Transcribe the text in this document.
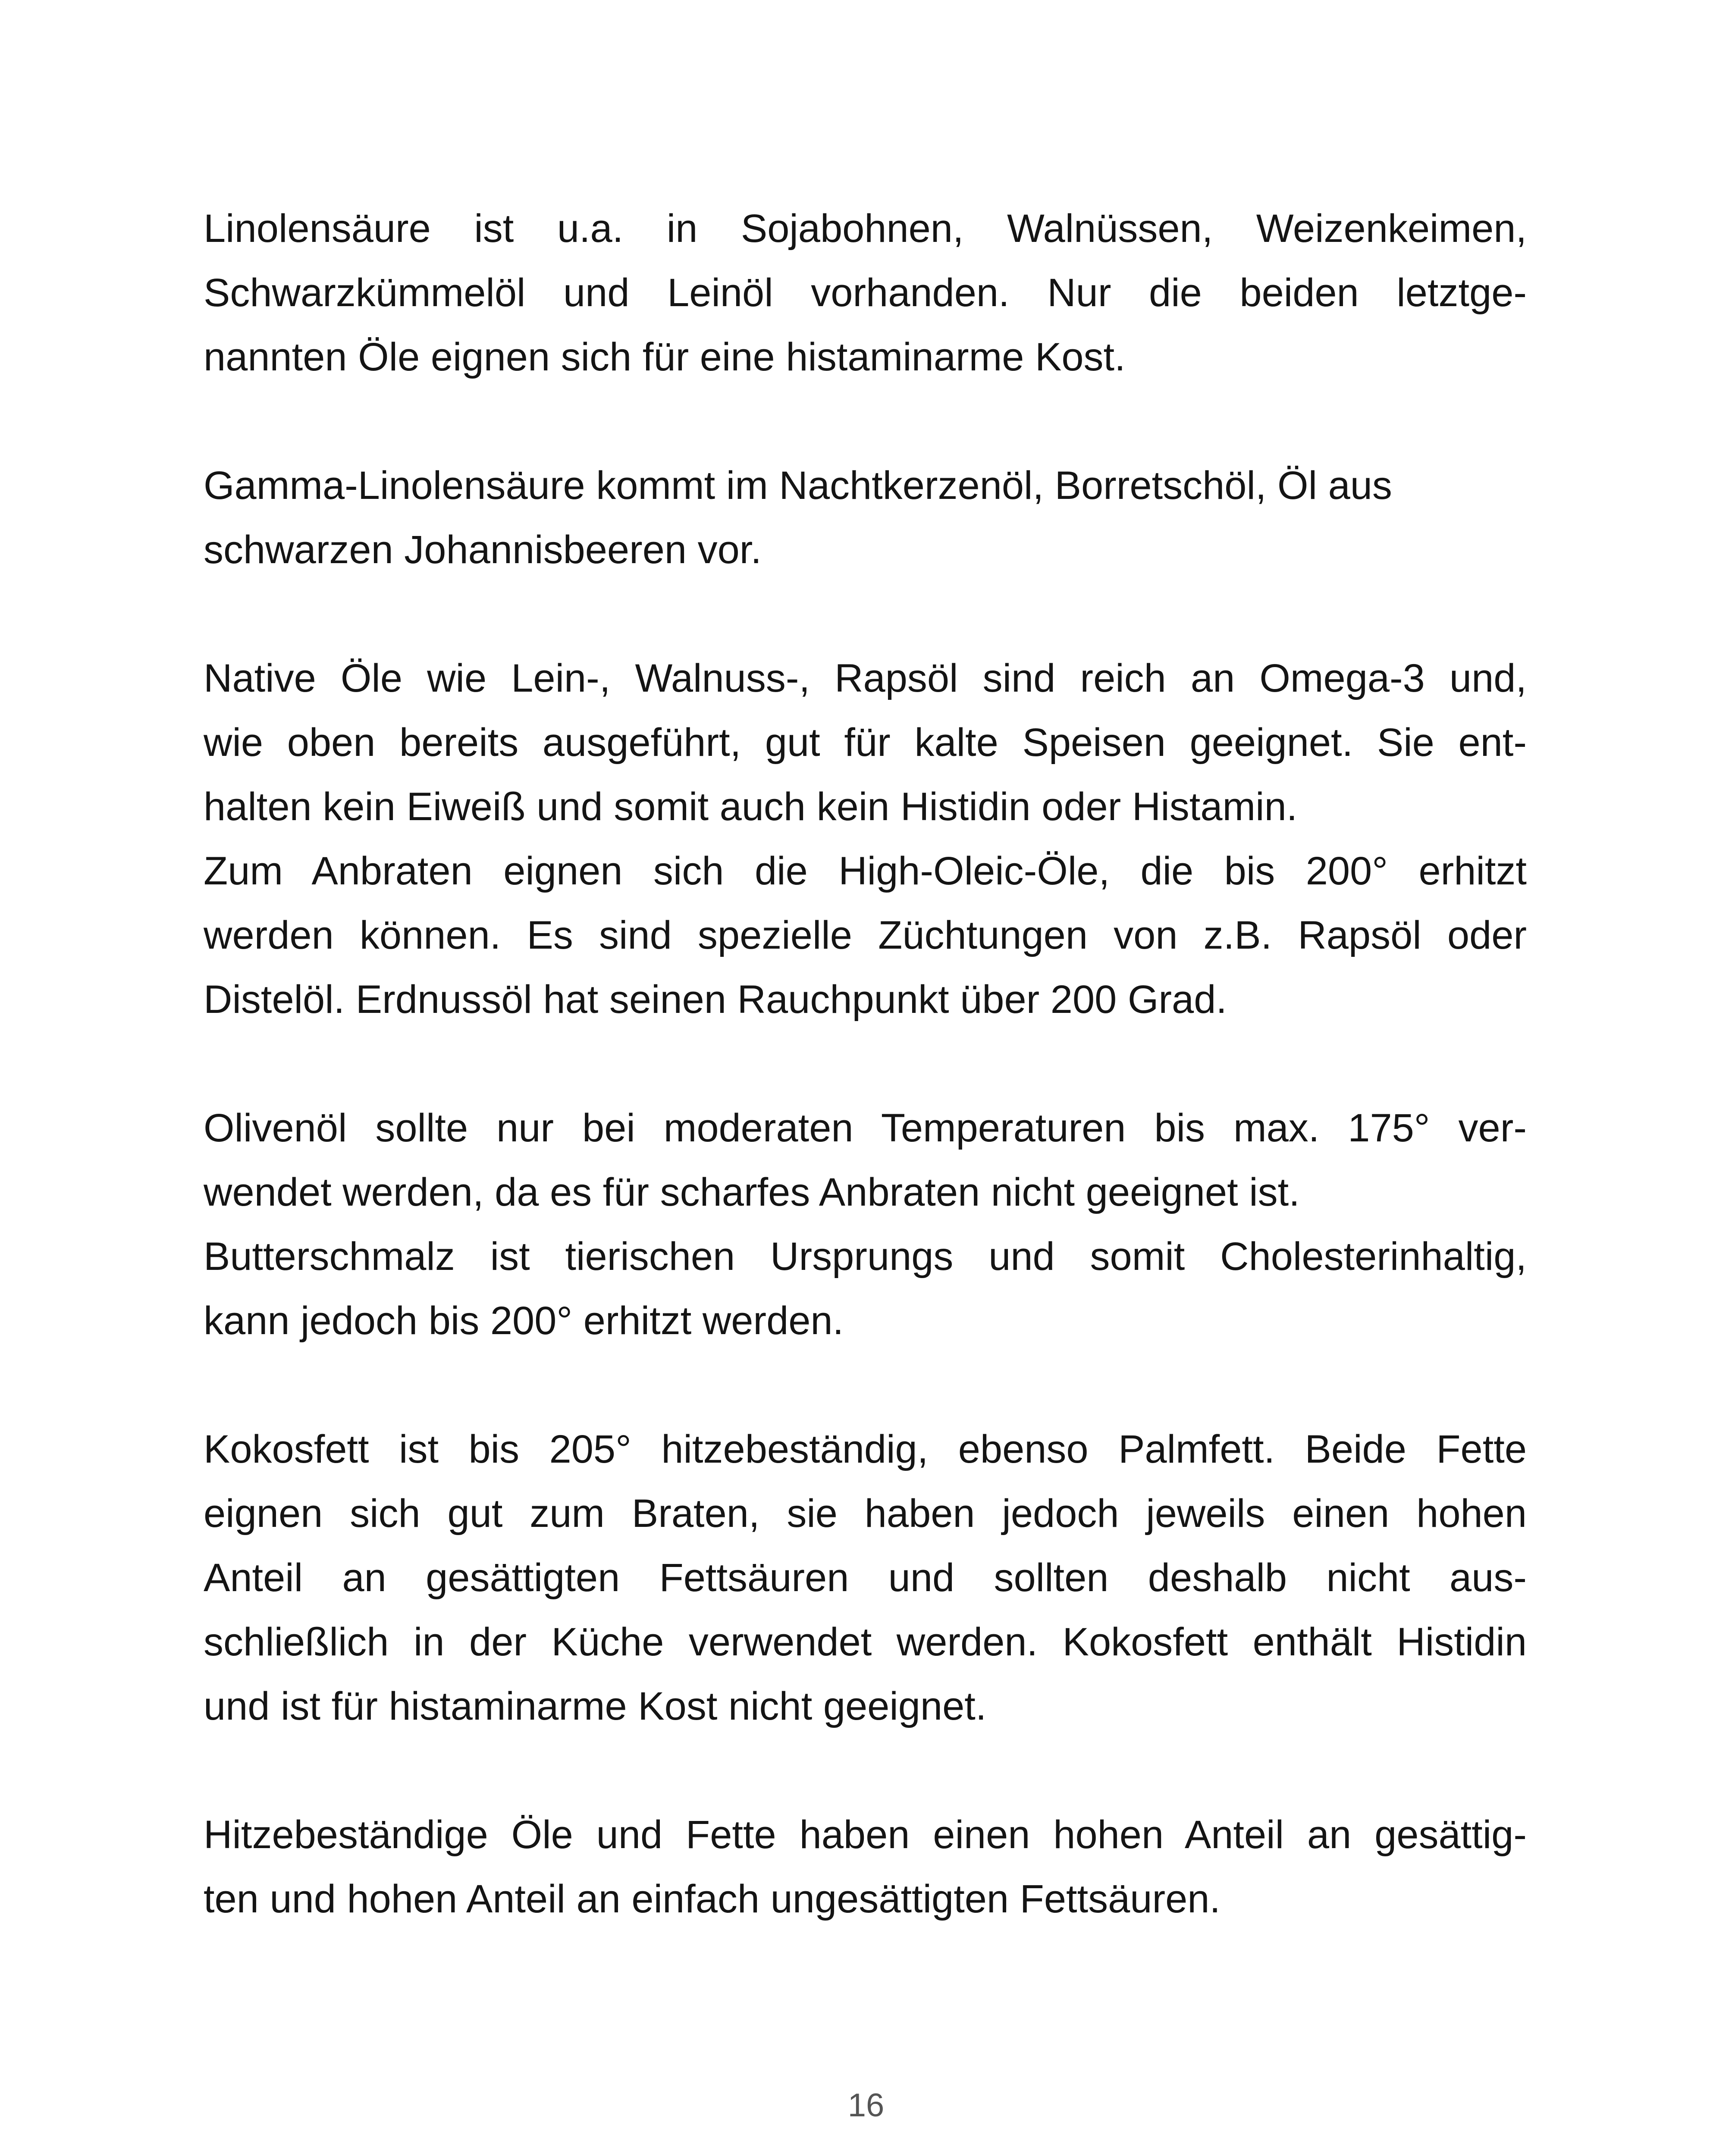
Linolensäure ist u.a. in Sojabohnen, Walnüssen, Weizenkeimen,
Schwarzkümmelöl und Leinöl vorhanden. Nur die beiden letztge-
nannten Öle eignen sich für eine histaminarme Kost.

Gamma-Linolensäure kommt im Nachtkerzenöl, Borretschöl, Öl aus
schwarzen Johannisbeeren vor.

Native Öle wie Lein-, Walnuss-, Rapsöl sind reich an Omega-3 und,
wie oben bereits ausgeführt, gut für kalte Speisen geeignet. Sie ent-
halten kein Eiweiß und somit auch kein Histidin oder Histamin.
Zum Anbraten eignen sich die High-Oleic-Öle, die bis 200° erhitzt
werden können. Es sind spezielle Züchtungen von z.B. Rapsöl oder
Distelöl. Erdnussöl hat seinen Rauchpunkt über 200 Grad.

Olivenöl sollte nur bei moderaten Temperaturen bis max. 175° ver-
wendet werden, da es für scharfes Anbraten nicht geeignet ist.
Butterschmalz ist tierischen Ursprungs und somit Cholesterinhaltig,
kann jedoch bis 200° erhitzt werden.

Kokosfett ist bis 205° hitzebeständig, ebenso Palmfett. Beide Fette
eignen sich gut zum Braten, sie haben jedoch jeweils einen hohen
Anteil an gesättigten Fettsäuren und sollten deshalb nicht aus-
schließlich in der Küche verwendet werden. Kokosfett enthält Histidin
und ist für histaminarme Kost nicht geeignet.

Hitzebeständige Öle und Fette haben einen hohen Anteil an gesättig-
ten und hohen Anteil an einfach ungesättigten Fettsäuren.

16
